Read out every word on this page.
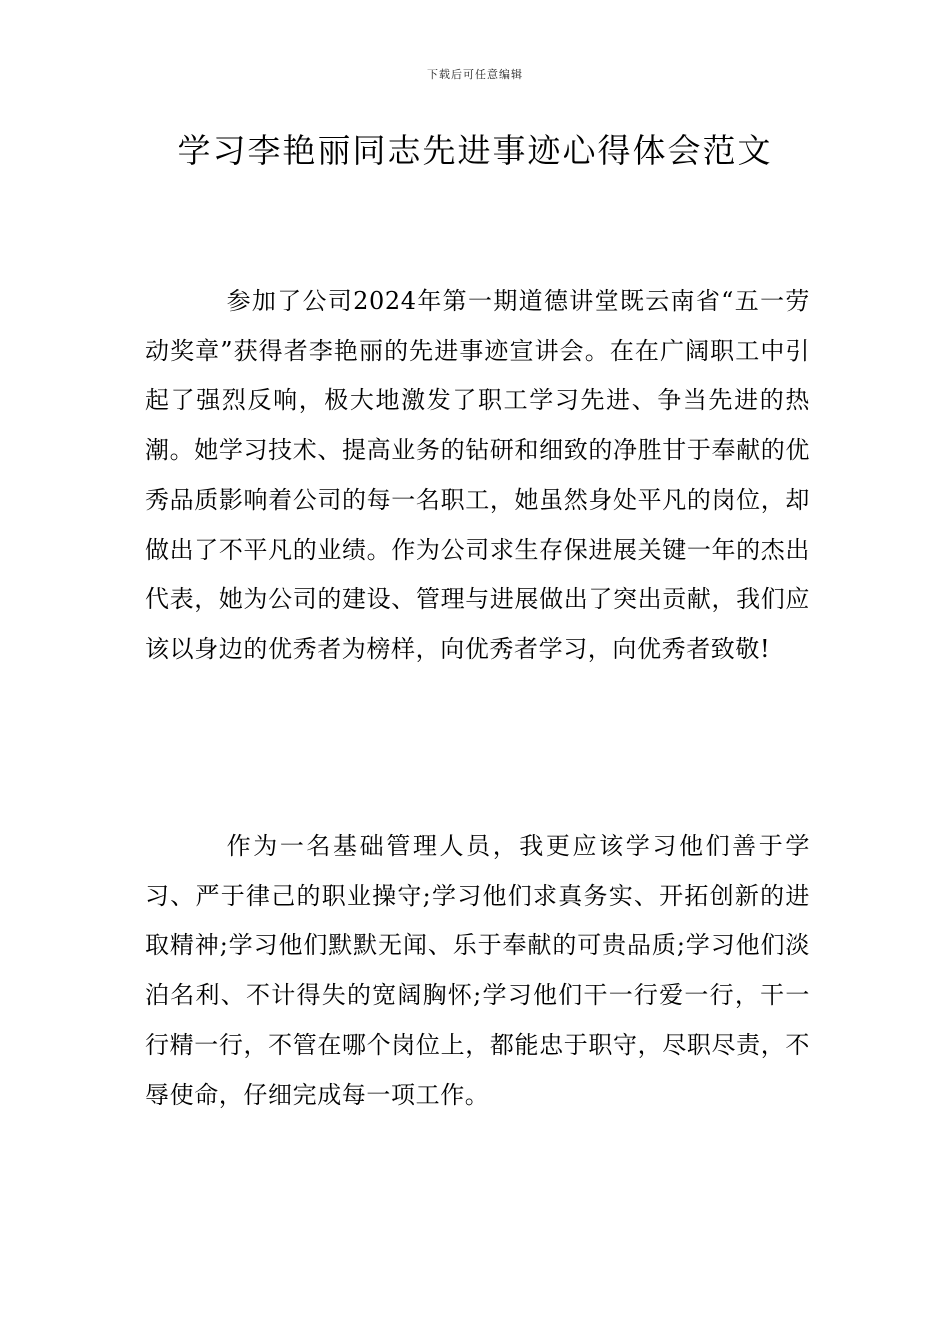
下载后可任意编辑
学习李艳丽同志先进事迹心得体会范文

参加了公司2024年第一期道德讲堂既云南省“五一劳动奖章”获得者李艳丽的先进事迹宣讲会。在在广阔职工中引起了强烈反响，极大地激发了职工学习先进、争当先进的热潮。她学习技术、提高业务的钻研和细致的净胜甘于奉献的优秀品质影响着公司的每一名职工，她虽然身处平凡的岗位，却做出了不平凡的业绩。作为公司求生存保进展关键一年的杰出代表，她为公司的建设、管理与进展做出了突出贡献，我们应该以身边的优秀者为榜样，向优秀者学习，向优秀者致敬!

作为一名基础管理人员，我更应该学习他们善于学习、严于律己的职业操守;学习他们求真务实、开拓创新的进取精神;学习他们默默无闻、乐于奉献的可贵品质;学习他们淡泊名利、不计得失的宽阔胸怀;学习他们干一行爱一行，干一行精一行，不管在哪个岗位上，都能忠于职守，尽职尽责，不辱使命，仔细完成每一项工作。
